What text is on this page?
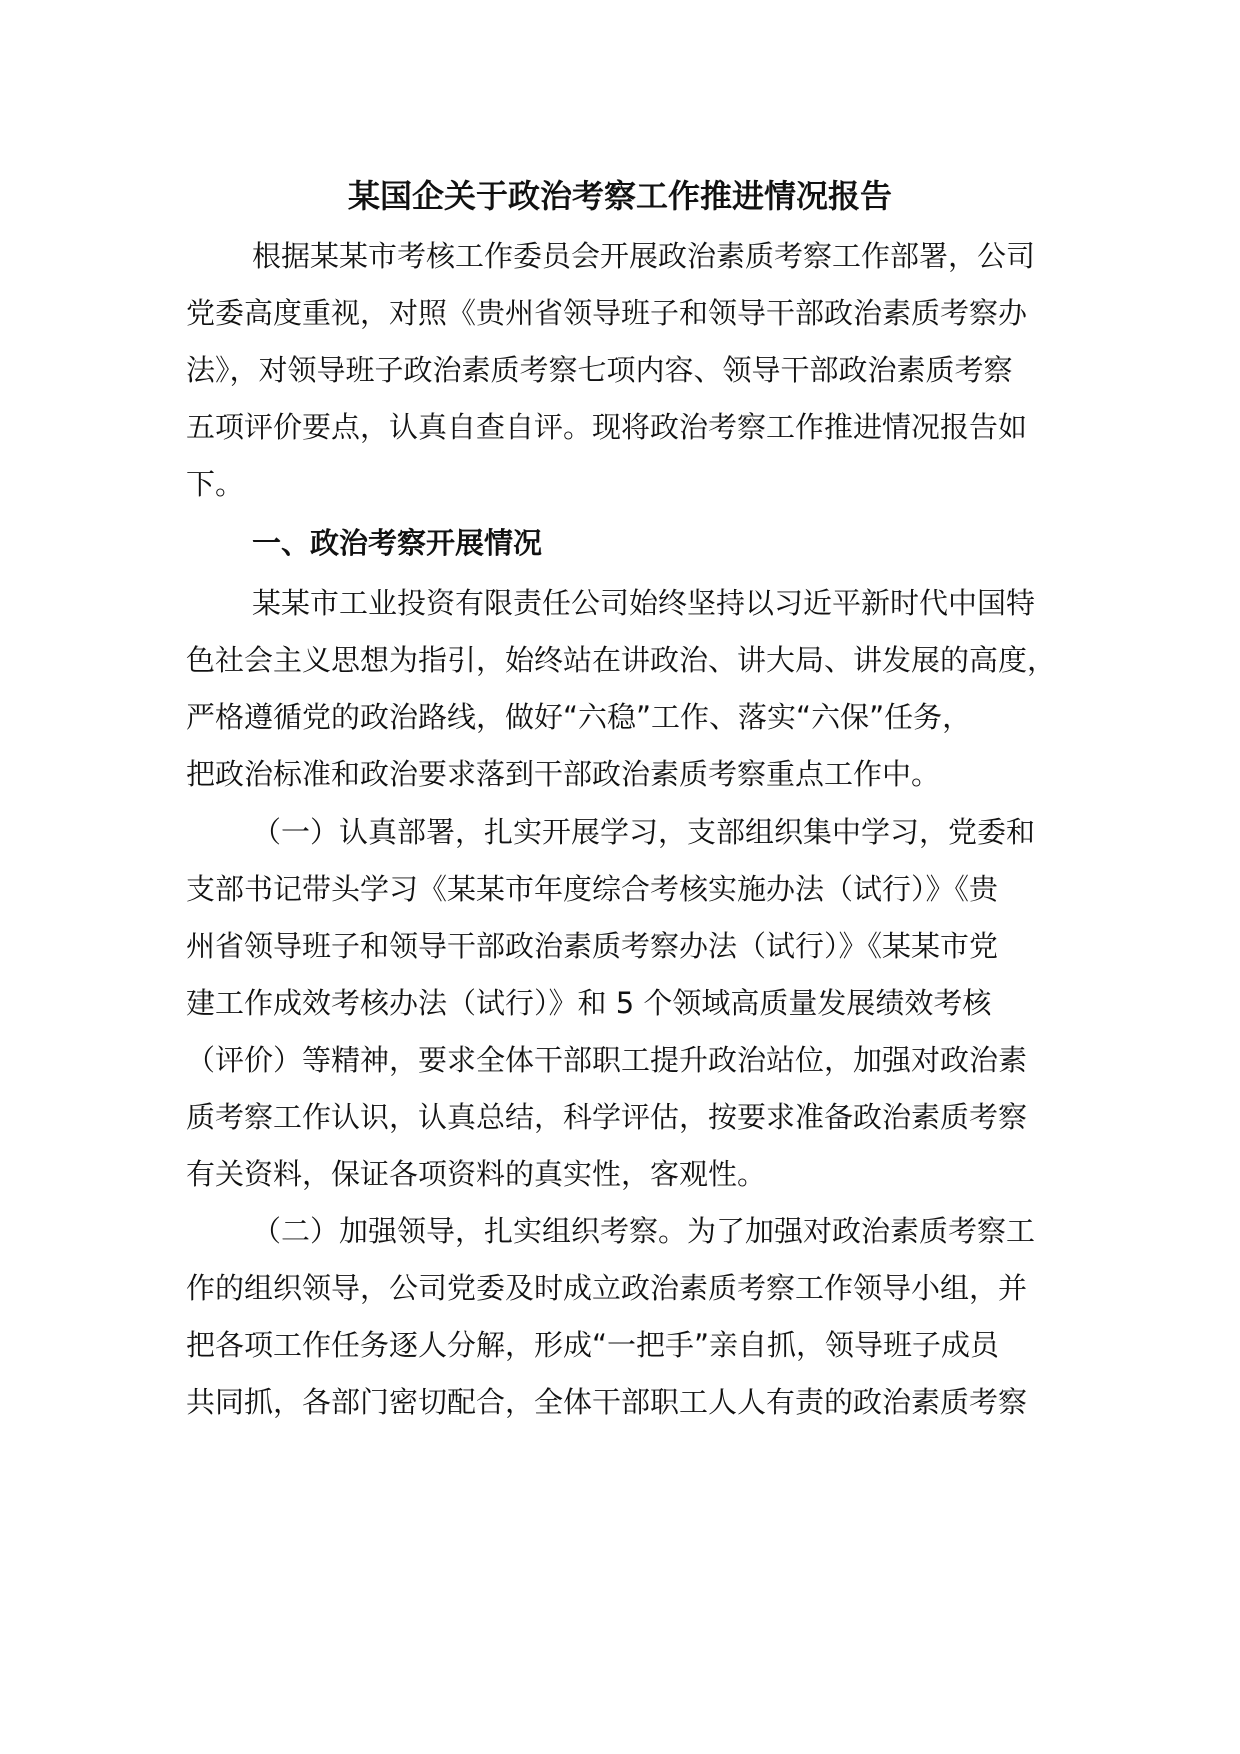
某国企关于政治考察工作推进情况报告

根据某某市考核工作委员会开展政治素质考察工作部署，公司

党委高度重视，对照《贵州省领导班子和领导干部政治素质考察办

法》，对领导班子政治素质考察七项内容、领导干部政治素质考察

五项评价要点，认真自查自评。现将政治考察工作推进情况报告如

下。

一、政治考察开展情况

某某市工业投资有限责任公司始终坚持以习近平新时代中国特

色社会主义思想为指引，始终站在讲政治、讲大局、讲发展的高度，

严格遵循党的政治路线，做好“六稳”工作、落实“六保”任务，

把政治标准和政治要求落到干部政治素质考察重点工作中。

（一）认真部署，扎实开展学习，支部组织集中学习，党委和

支部书记带头学习《某某市年度综合考核实施办法（试行）》《贵

州省领导班子和领导干部政治素质考察办法（试行）》《某某市党

建工作成效考核办法（试行）》和 5 个领域高质量发展绩效考核

（评价）等精神，要求全体干部职工提升政治站位，加强对政治素

质考察工作认识，认真总结，科学评估，按要求准备政治素质考察

有关资料，保证各项资料的真实性，客观性。

（二）加强领导，扎实组织考察。为了加强对政治素质考察工

作的组织领导，公司党委及时成立政治素质考察工作领导小组，并

把各项工作任务逐人分解，形成“一把手”亲自抓，领导班子成员

共同抓，各部门密切配合，全体干部职工人人有责的政治素质考察
